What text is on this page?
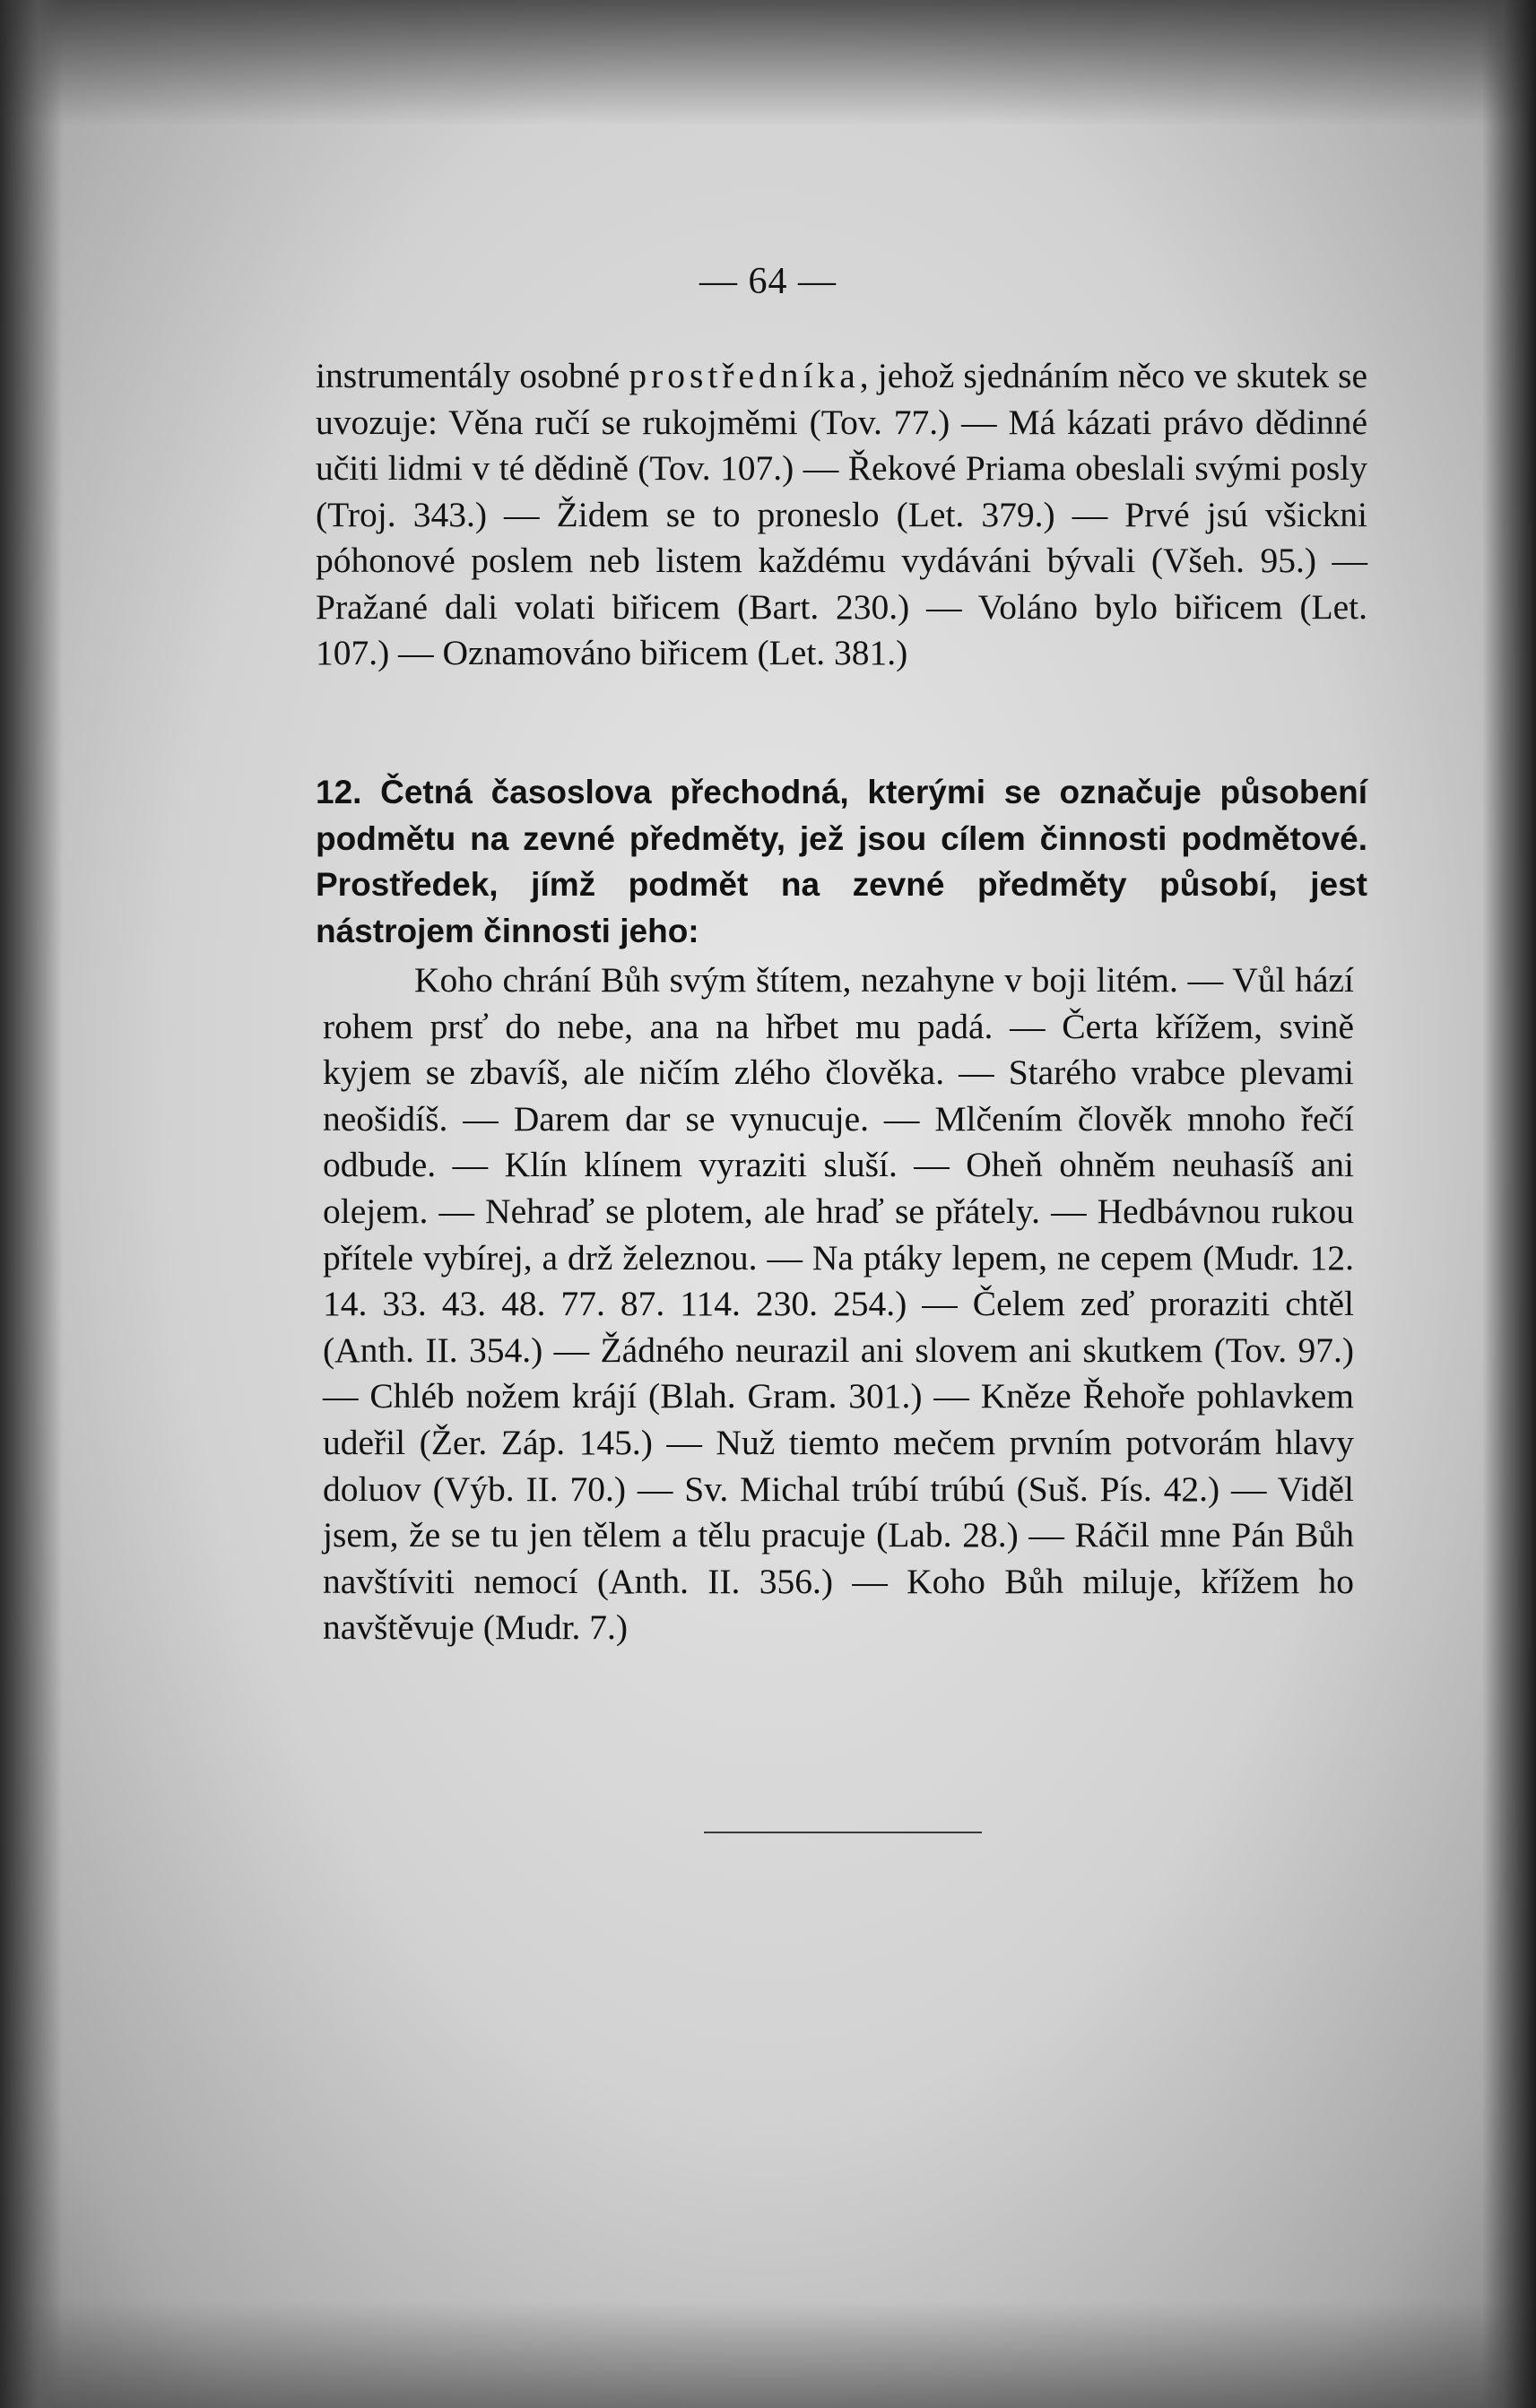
— 64 —
instrumentály osobné prostředníka, jehož sjednáním něco ve skutek se uvozuje: Věna ručí se rukojměmi (Tov. 77.) — Má kázati právo dědinné učiti lidmi v té dědině (Tov. 107.) — Řekové Priama obeslali svými posly (Troj. 343.) — Židem se to proneslo (Let. 379.) — Prvé jsú všickni póhonové poslem neb listem každému vydáváni bývali (Všeh. 95.) — Pražané dali volati biřicem (Bart. 230.) — Voláno bylo biřicem (Let. 107.) — Oznamováno biřicem (Let. 381.)
12. Četná časoslova přechodná, kterými se označuje působení podmětu na zevné předměty, jež jsou cílem činnosti podmětové. Prostředek, jímž podmět na zevné předměty působí, jest nástrojem činnosti jeho:
Koho chrání Bůh svým štítem, nezahyne v boji litém. — Vůl hází rohem prsť do nebe, ana na hřbet mu padá. — Čerta křížem, svině kyjem se zbavíš, ale ničím zlého člověka. — Starého vrabce plevami neošidíš. — Darem dar se vynucuje. — Mlčením člověk mnoho řečí odbude. — Klín klínem vyraziti sluší. — Oheň ohněm neuhasíš ani olejem. — Nehraď se plotem, ale hraď se přátely. — Hedbávnou rukou přítele vybírej, a drž železnou. — Na ptáky lepem, ne cepem (Mudr. 12. 14. 33. 43. 48. 77. 87. 114. 230. 254.) — Čelem zeď proraziti chtěl (Anth. II. 354.) — Žádného neurazil ani slovem ani skutkem (Tov. 97.) — Chléb nožem krájí (Blah. Gram. 301.) — Kněze Řehoře pohlavkem udeřil (Žer. Záp. 145.) — Nuž tiemto mečem prvním potvorám hlavy doluov (Výb. II. 70.) — Sv. Michal trúbí trúbú (Suš. Pís. 42.) — Viděl jsem, že se tu jen tělem a tělu pracuje (Lab. 28.) — Ráčil mne Pán Bůh navštíviti nemocí (Anth. II. 356.) — Koho Bůh miluje, křížem ho navštěvuje (Mudr. 7.)
